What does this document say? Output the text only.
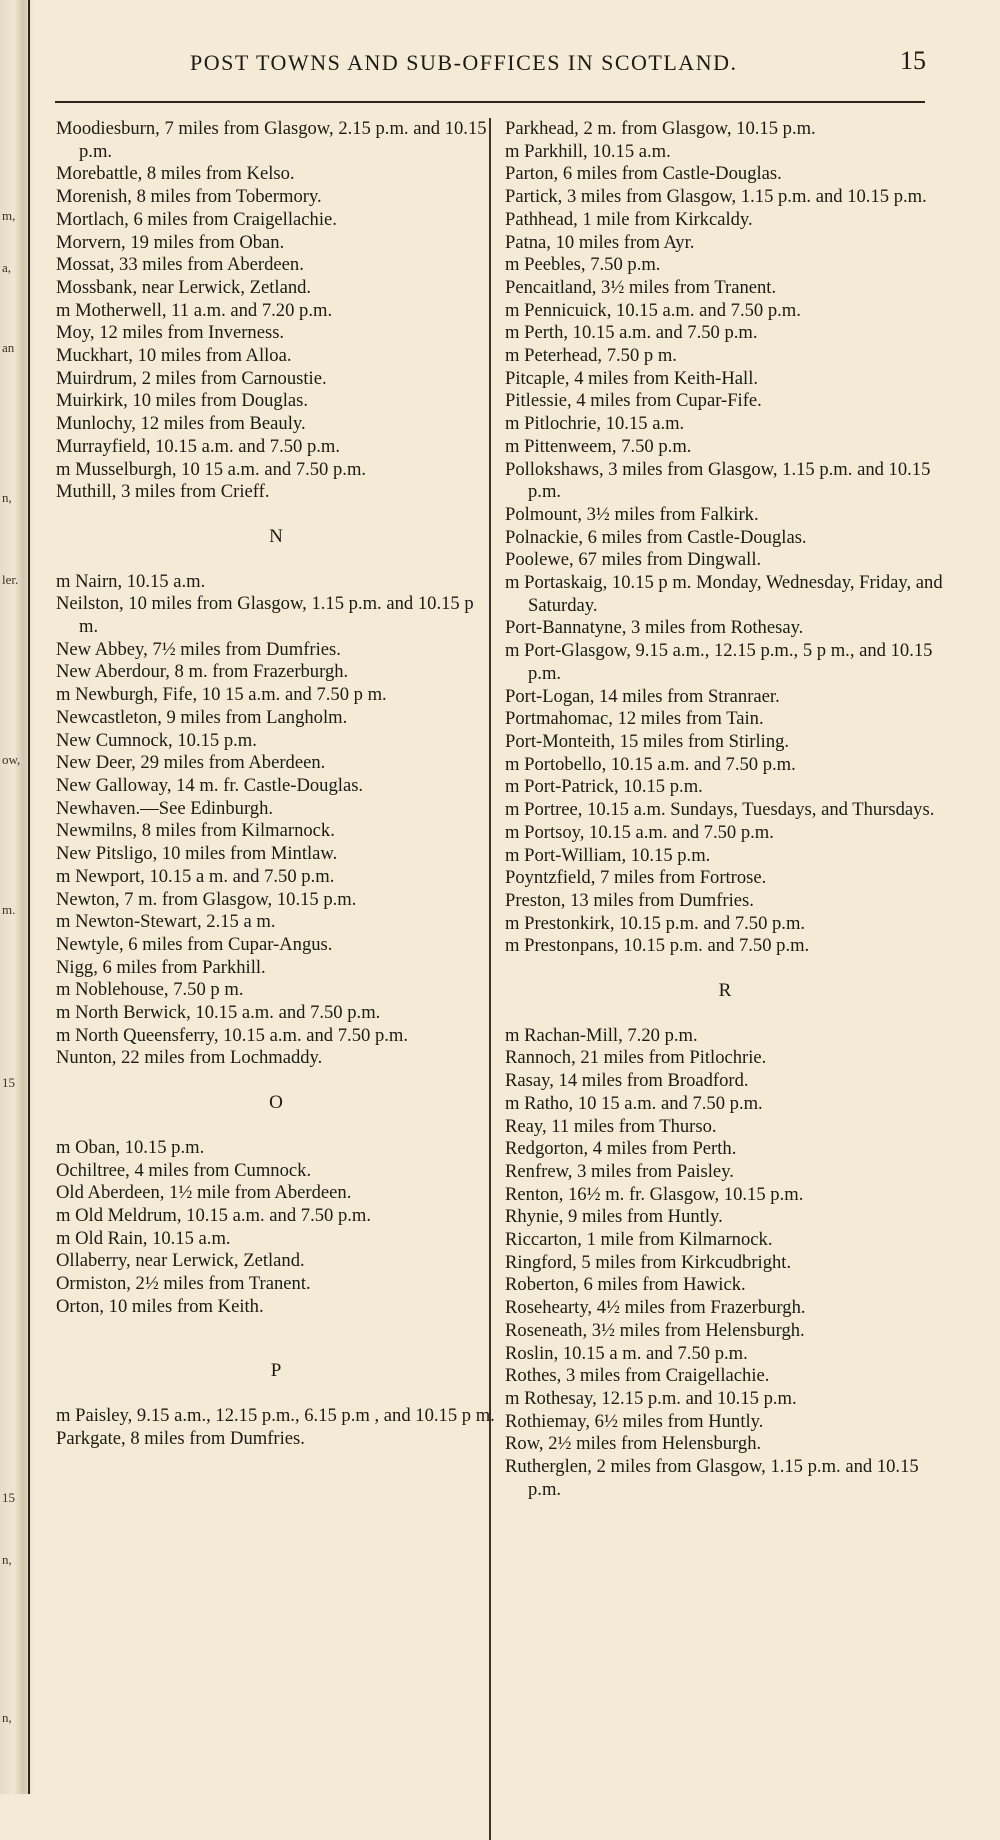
m,
a,
an
n,
ler.
ow,
m.
15
15
n,
n,
POST TOWNS AND SUB-OFFICES IN SCOTLAND.	15

Moodiesburn, 7 miles from Glasgow, 2.15 p.m. and 10.15 p.m.

Morebattle, 8 miles from Kelso.

Morenish, 8 miles from Tobermory.

Mortlach, 6 miles from Craigellachie.

Morvern, 19 miles from Oban.

Mossat, 33 miles from Aberdeen.

Mossbank, near Lerwick, Zetland.

m Motherwell, 11 a.m. and 7.20 p.m.

Moy, 12 miles from Inverness.

Muckhart, 10 miles from Alloa.

Muirdrum, 2 miles from Carnoustie.

Muirkirk, 10 miles from Douglas.

Munlochy, 12 miles from Beauly.

Murrayfield, 10.15 a.m. and 7.50 p.m.

m Musselburgh, 10 15 a.m. and 7.50 p.m.

Muthill, 3 miles from Crieff.

N

m Nairn, 10.15 a.m.

Neilston, 10 miles from Glasgow, 1.15 p.m. and 10.15 p m.

New Abbey, 7½ miles from Dumfries.

New Aberdour, 8 m. from Frazerburgh.

m Newburgh, Fife, 10 15 a.m. and 7.50 p m.

Newcastleton, 9 miles from Langholm.

New Cumnock, 10.15 p.m.

New Deer, 29 miles from Aberdeen.

New Galloway, 14 m. fr. Castle-Douglas.

Newhaven.—See Edinburgh.

Newmilns, 8 miles from Kilmarnock.

New Pitsligo, 10 miles from Mintlaw.

m Newport, 10.15 a m. and 7.50 p.m.

Newton, 7 m. from Glasgow, 10.15 p.m.

m Newton-Stewart, 2.15 a m.

Newtyle, 6 miles from Cupar-Angus.

Nigg, 6 miles from Parkhill.

m Noblehouse, 7.50 p m.

m North Berwick, 10.15 a.m. and 7.50 p.m.

m North Queensferry, 10.15 a.m. and 7.50 p.m.

Nunton, 22 miles from Lochmaddy.

O

m Oban, 10.15 p.m.

Ochiltree, 4 miles from Cumnock.

Old Aberdeen, 1½ mile from Aberdeen.

m Old Meldrum, 10.15 a.m. and 7.50 p.m.

m Old Rain, 10.15 a.m.

Ollaberry, near Lerwick, Zetland.

Ormiston, 2½ miles from Tranent.

Orton, 10 miles from Keith.

P

m Paisley, 9.15 a.m., 12.15 p.m., 6.15 p.m , and 10.15 p m.

Parkgate, 8 miles from Dumfries.

Parkhead, 2 m. from Glasgow, 10.15 p.m.

m Parkhill, 10.15 a.m.

Parton, 6 miles from Castle-Douglas.

Partick, 3 miles from Glasgow, 1.15 p.m. and 10.15 p.m.

Pathhead, 1 mile from Kirkcaldy.

Patna, 10 miles from Ayr.

m Peebles, 7.50 p.m.

Pencaitland, 3½ miles from Tranent.

m Pennicuick, 10.15 a.m. and 7.50 p.m.

m Perth, 10.15 a.m. and 7.50 p.m.

m Peterhead, 7.50 p m.

Pitcaple, 4 miles from Keith-Hall.

Pitlessie, 4 miles from Cupar-Fife.

m Pitlochrie, 10.15 a.m.

m Pittenweem, 7.50 p.m.

Pollokshaws, 3 miles from Glasgow, 1.15 p.m. and 10.15 p.m.

Polmount, 3½ miles from Falkirk.

Polnackie, 6 miles from Castle-Douglas.

Poolewe, 67 miles from Dingwall.

m Portaskaig, 10.15 p m. Monday, Wednesday, Friday, and Saturday.

Port-Bannatyne, 3 miles from Rothesay.

m Port-Glasgow, 9.15 a.m., 12.15 p.m., 5 p m., and 10.15 p.m.

Port-Logan, 14 miles from Stranraer.

Portmahomac, 12 miles from Tain.

Port-Monteith, 15 miles from Stirling.

m Portobello, 10.15 a.m. and 7.50 p.m.

m Port-Patrick, 10.15 p.m.

m Portree, 10.15 a.m. Sundays, Tuesdays, and Thursdays.

m Portsoy, 10.15 a.m. and 7.50 p.m.

m Port-William, 10.15 p.m.

Poyntzfield, 7 miles from Fortrose.

Preston, 13 miles from Dumfries.

m Prestonkirk, 10.15 p.m. and 7.50 p.m.

m Prestonpans, 10.15 p.m. and 7.50 p.m.

R

m Rachan-Mill, 7.20 p.m.

Rannoch, 21 miles from Pitlochrie.

Rasay, 14 miles from Broadford.

m Ratho, 10 15 a.m. and 7.50 p.m.

Reay, 11 miles from Thurso.

Redgorton, 4 miles from Perth.

Renfrew, 3 miles from Paisley.

Renton, 16½ m. fr. Glasgow, 10.15 p.m.

Rhynie, 9 miles from Huntly.

Riccarton, 1 mile from Kilmarnock.

Ringford, 5 miles from Kirkcudbright.

Roberton, 6 miles from Hawick.

Rosehearty, 4½ miles from Frazerburgh.

Roseneath, 3½ miles from Helensburgh.

Roslin, 10.15 a m. and 7.50 p.m.

Rothes, 3 miles from Craigellachie.

m Rothesay, 12.15 p.m. and 10.15 p.m.

Rothiemay, 6½ miles from Huntly.

Row, 2½ miles from Helensburgh.

Rutherglen, 2 miles from Glasgow, 1.15 p.m. and 10.15 p.m.
